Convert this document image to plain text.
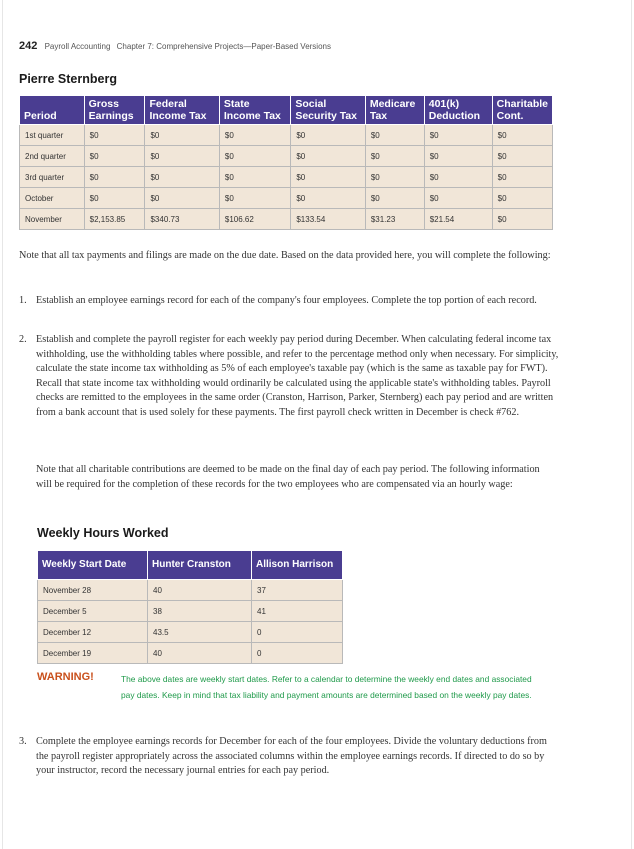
242 Payroll Accounting Chapter 7: Comprehensive Projects—Paper-Based Versions
Pierre Sternberg
Period	Gross Earnings	Federal Income Tax	State Income Tax	Social Security Tax	Medicare Tax	401(k) Deduction	Charitable Cont.
1st quarter	$0	$0	$0	$0	$0	$0	$0
2nd quarter	$0	$0	$0	$0	$0	$0	$0
3rd quarter	$0	$0	$0	$0	$0	$0	$0
October	$0	$0	$0	$0	$0	$0	$0
November	$2,153.85	$340.73	$106.62	$133.54	$31.23	$21.54	$0

Note that all tax payments and filings are made on the due date. Based on the data provided here, you will complete the following:

1. Establish an employee earnings record for each of the company's four employees. Complete the top portion of each record.
2. Establish and complete the payroll register for each weekly pay period during December. When calculating federal income tax withholding, use the withholding tables where possible, and refer to the percentage method only when necessary. For simplicity, calculate the state income tax withholding as 5% of each employee's taxable pay (which is the same as taxable pay for FWT). Recall that state income tax withholding would ordinarily be calculated using the applicable state's withholding tables. Payroll checks are remitted to the employees in the same order (Cranston, Harrison, Parker, Sternberg) each pay period and are written from a bank account that is used solely for these payments. The first payroll check written in December is check #762.

Note that all charitable contributions are deemed to be made on the final day of each pay period. The following information will be required for the completion of these records for the two employees who are compensated via an hourly wage:

Weekly Hours Worked
Weekly Start Date	Hunter Cranston	Allison Harrison
November 28	40	37
December 5	38	41
December 12	43.5	0
December 19	40	0
WARNING!	The above dates are weekly start dates. Refer to a calendar to determine the weekly end dates and associated pay dates. Keep in mind that tax liability and payment amounts are determined based on the weekly pay dates.
3. Complete the employee earnings records for December for each of the four employees. Divide the voluntary deductions from the payroll register appropriately across the associated columns within the employee earnings records. If directed to do so by your instructor, record the necessary journal entries for each pay period.
